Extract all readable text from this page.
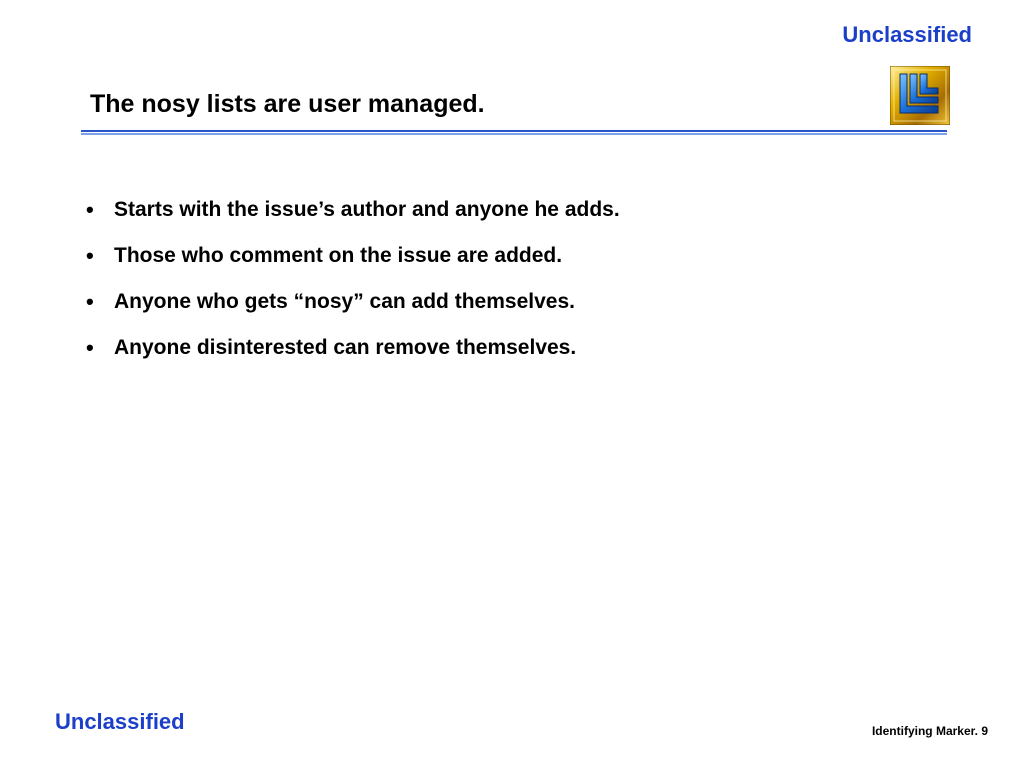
Unclassified
The nosy lists are user managed.
• Starts with the issue’s author and anyone he adds.
• Those who comment on the issue are added.
• Anyone who gets “nosy” can add themselves.
• Anyone disinterested can remove themselves.
Unclassified	Identifying Marker. 9
